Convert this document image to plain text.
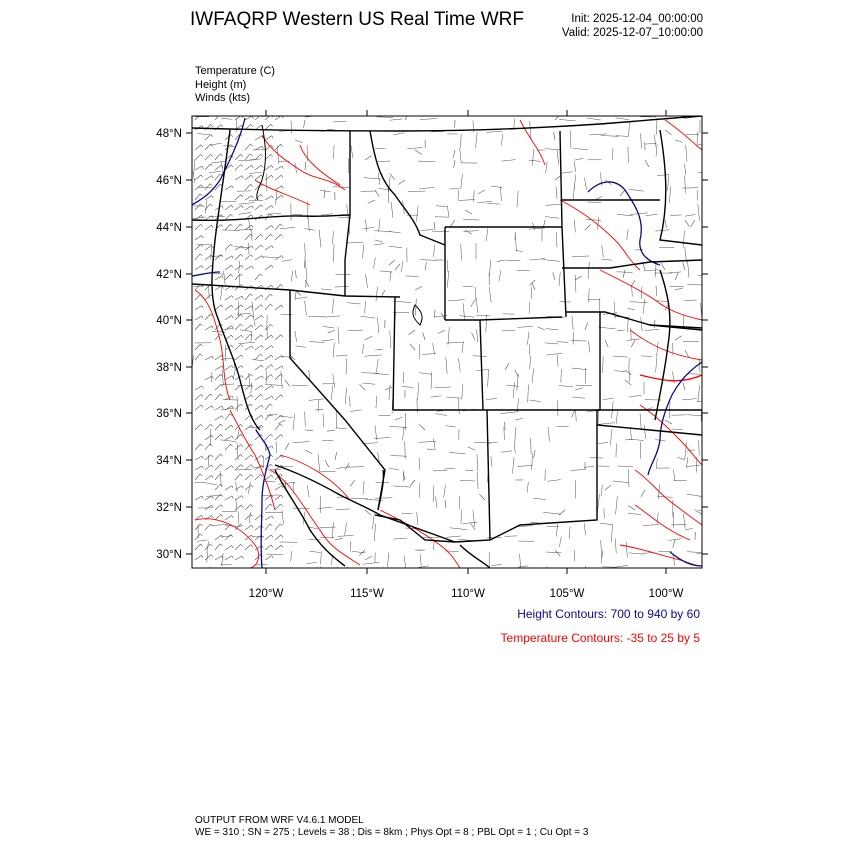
IWFAQRP Western US Real Time WRF	Init: 2025-12-04_00:00:00
Valid: 2025-12-07_10:00:00
Temperature (C)
Height (m)
Winds (kts)
48°N
46°N
44°N
42°N
40°N
38°N
36°N
34°N
32°N
30°N
120°W	115°W	110°W	105°W	100°W
Height Contours: 700 to 940 by 60
Temperature Contours: -35 to 25 by 5
OUTPUT FROM WRF V4.6.1 MODEL
WE = 310 ; SN = 275 ; Levels = 38 ; Dis = 8km ; Phys Opt = 8 ; PBL Opt = 1 ; Cu Opt = 3
